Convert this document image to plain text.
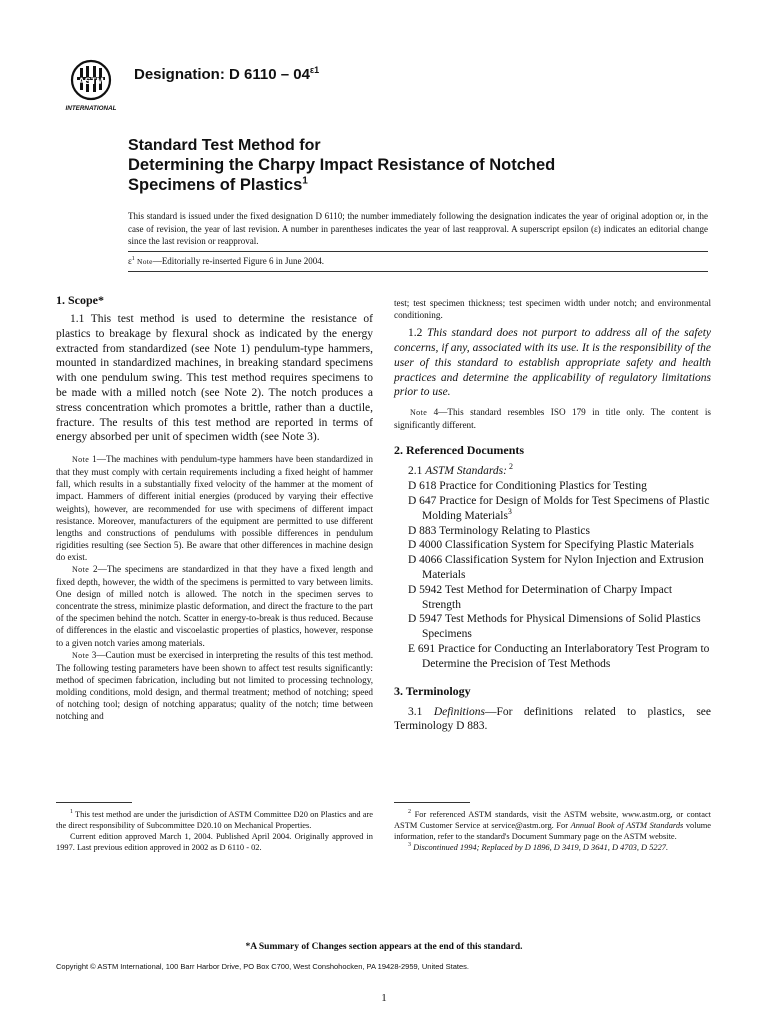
ASTM
INTERNATIONAL
Designation: D $6110 - 04^{\varepsilon 1}$
Standard Test Method for
Determining the Charpy Impact Resistance of Notched
Specimens of Plastics$^1$
This standard is issued under the fixed designation D 6110; the number immediately following the designation indicates the year of original adoption or, in the case of revision, the year of last revision. A number in parentheses indicates the year of last reapproval. A superscript epsilon (ε) indicates an editorial change since the last revision or reapproval.
$\varepsilon^1$ Note—Editorially re-inserted Figure 6 in June 2004.
1. Scope*

1.1 This test method is used to determine the resistance of plastics to breakage by flexural shock as indicated by the energy extracted from standardized (see Note 1) pendulum-type hammers, mounted in standardized machines, in breaking standard specimens with one pendulum swing. This test method requires specimens to be made with a milled notch (see Note 2). The notch produces a stress concentration which promotes a brittle, rather than a ductile, fracture. The results of this test method are reported in terms of energy absorbed per unit of specimen width (see Note 3).

Note 1—The machines with pendulum-type hammers have been standardized in that they must comply with certain requirements including a fixed height of hammer fall, which results in a substantially fixed velocity of the hammer at the moment of impact. Hammers of different initial energies (produced by varying their effective weights), however, are recommended for use with specimens of different impact resistance. Moreover, manufacturers of the equipment are permitted to use different lengths and constructions of pendulums with possible differences in pendulum rigidities resulting (see Section 5). Be aware that other differences in machine design do exist.

Note 2—The specimens are standardized in that they have a fixed length and fixed depth, however, the width of the specimens is permitted to vary between limits. One design of milled notch is allowed. The notch in the specimen serves to concentrate the stress, minimize plastic deformation, and direct the fracture to the part of the specimen behind the notch. Scatter in energy-to-break is thus reduced. Because of differences in the elastic and viscoelastic properties of plastics, however, response to a given notch varies among materials.

Note 3—Caution must be exercised in interpreting the results of this test method. The following testing parameters have been shown to affect test results significantly: method of specimen fabrication, including but not limited to processing technology, molding conditions, mold design, and thermal treatment; method of notching; speed of notching tool; design of notching apparatus; quality of the notch; time between notching and

test; test specimen thickness; test specimen width under notch; and environmental conditioning.

1.2 This standard does not purport to address all of the safety concerns, if any, associated with its use. It is the responsibility of the user of this standard to establish appropriate safety and health practices and determine the applicability of regulatory limitations prior to use.

Note 4—This standard resembles ISO 179 in title only. The content is significantly different.

2. Referenced Documents

2.1 ASTM Standards: $^2$

D 618 Practice for Conditioning Plastics for Testing

D 647 Practice for Design of Molds for Test Specimens of Plastic Molding Materials$^3$

D 883 Terminology Relating to Plastics

D 4000 Classification System for Specifying Plastic Materials

D 4066 Classification System for Nylon Injection and Extrusion Materials

D 5942 Test Method for Determination of Charpy Impact Strength

D 5947 Test Methods for Physical Dimensions of Solid Plastics Specimens

E 691 Practice for Conducting an Interlaboratory Test Program to Determine the Precision of Test Methods

3. Terminology

3.1 Definitions—For definitions related to plastics, see Terminology D 883.

$^1$ This test method are under the jurisdiction of ASTM Committee D20 on Plastics and are the direct responsibility of Subcommittee D20.10 on Mechanical Properties.

Current edition approved March 1, 2004. Published April 2004. Originally approved in 1997. Last previous edition approved in 2002 as D 6110 - 02.

$^2$ For referenced ASTM standards, visit the ASTM website, www.astm.org, or contact ASTM Customer Service at service@astm.org. For Annual Book of ASTM Standards volume information, refer to the standard's Document Summary page on the ASTM website.

$^3$ Discontinued 1994; Replaced by D 1896, D 3419, D 3641, D 4703, D 5227.

*A Summary of Changes section appears at the end of this standard.
Copyright © ASTM International, 100 Barr Harbor Drive, PO Box C700, West Conshohocken, PA 19428-2959, United States.
1
